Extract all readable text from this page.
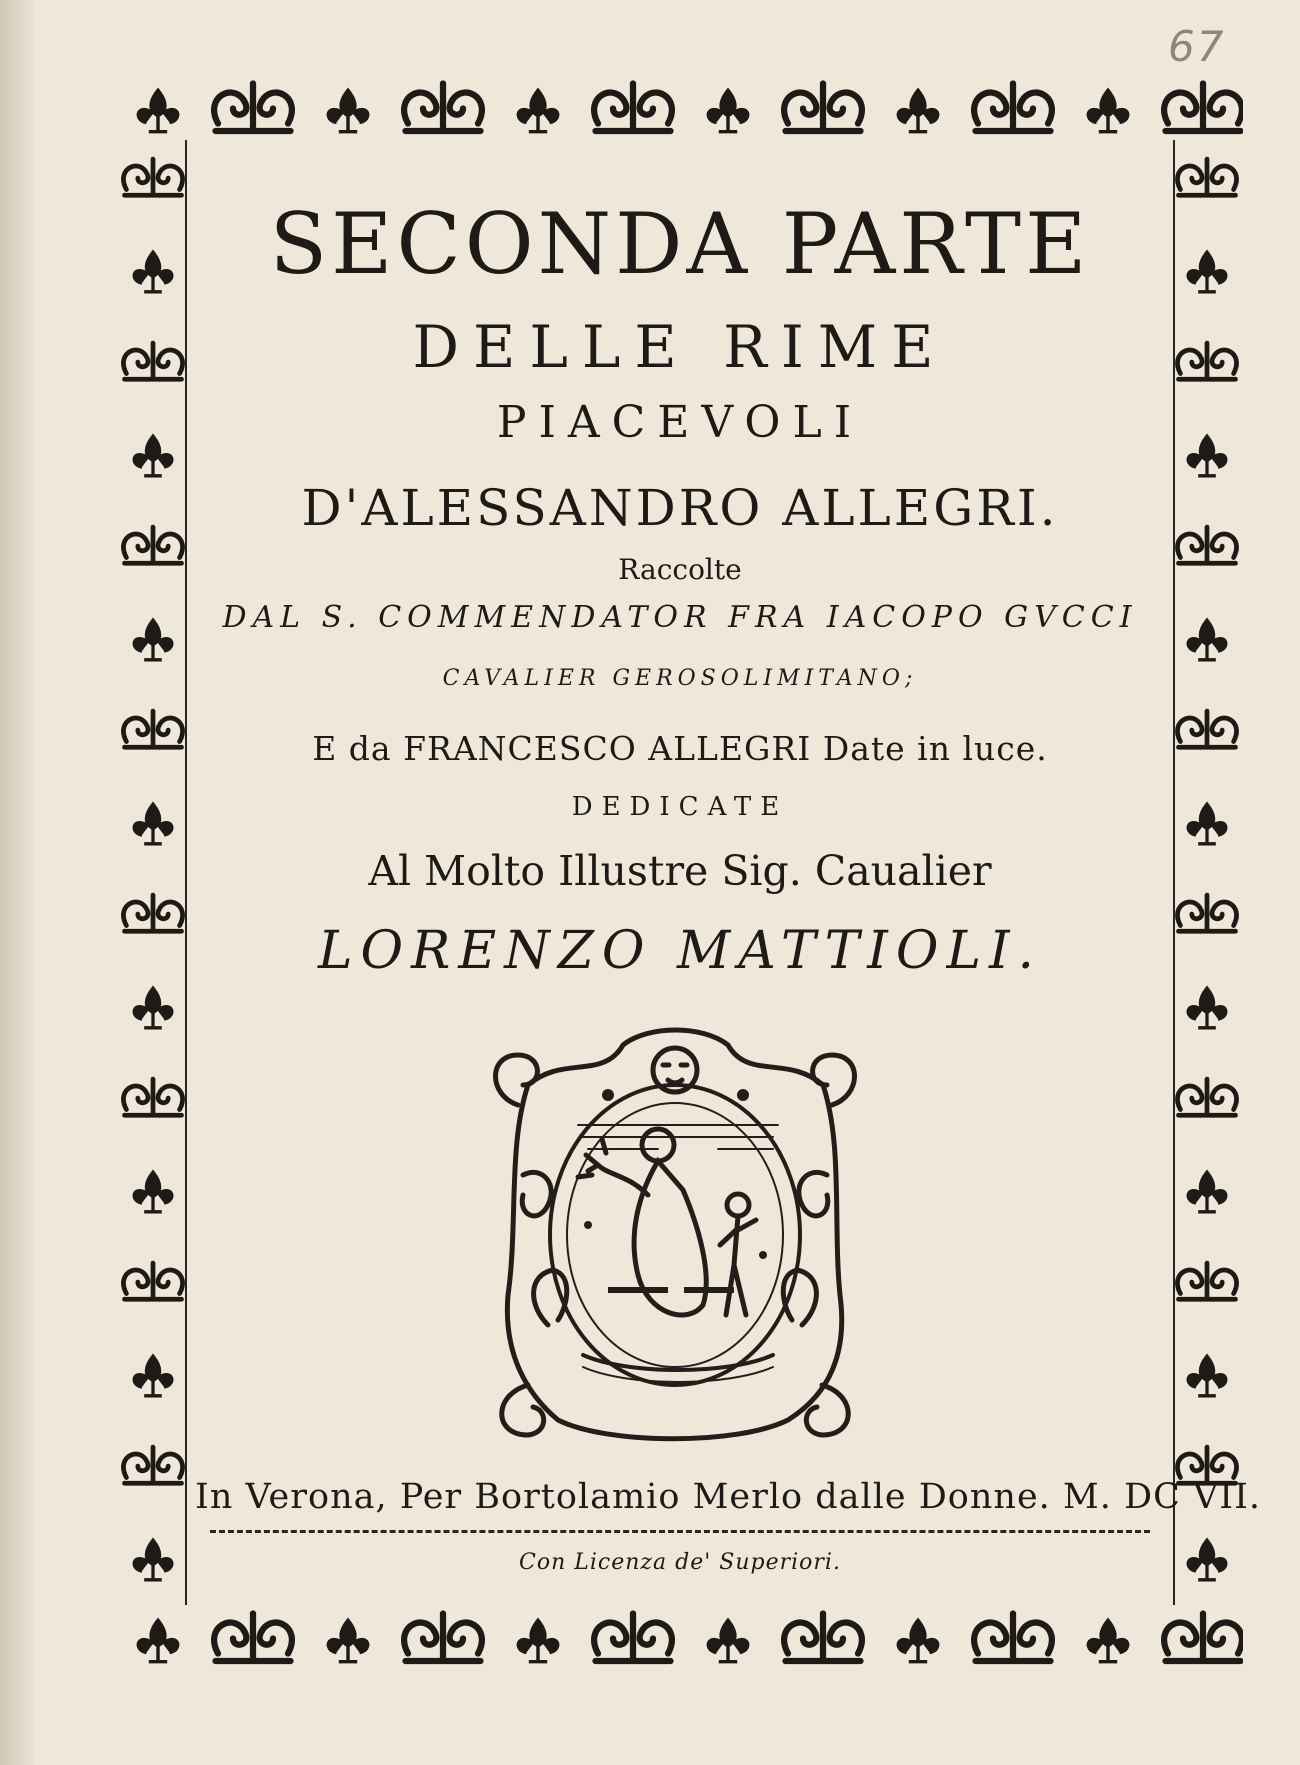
67
SECONDA PARTE
DELLE RIME
PIACEVOLI
D'ALESSANDRO ALLEGRI.
Raccolte
DAL S. COMMENDATOR FRA IACOPO GVCCI
CAVALIER GEROSOLIMITANO;
E da FRANCESCO ALLEGRI Date in luce.
DEDICATE
Al Molto Illustre Sig. Caualier
LORENZO MATTIOLI.
In Verona, Per Bortolamio Merlo dalle Donne. M. DC VII.
Con Licenza de' Superiori.
